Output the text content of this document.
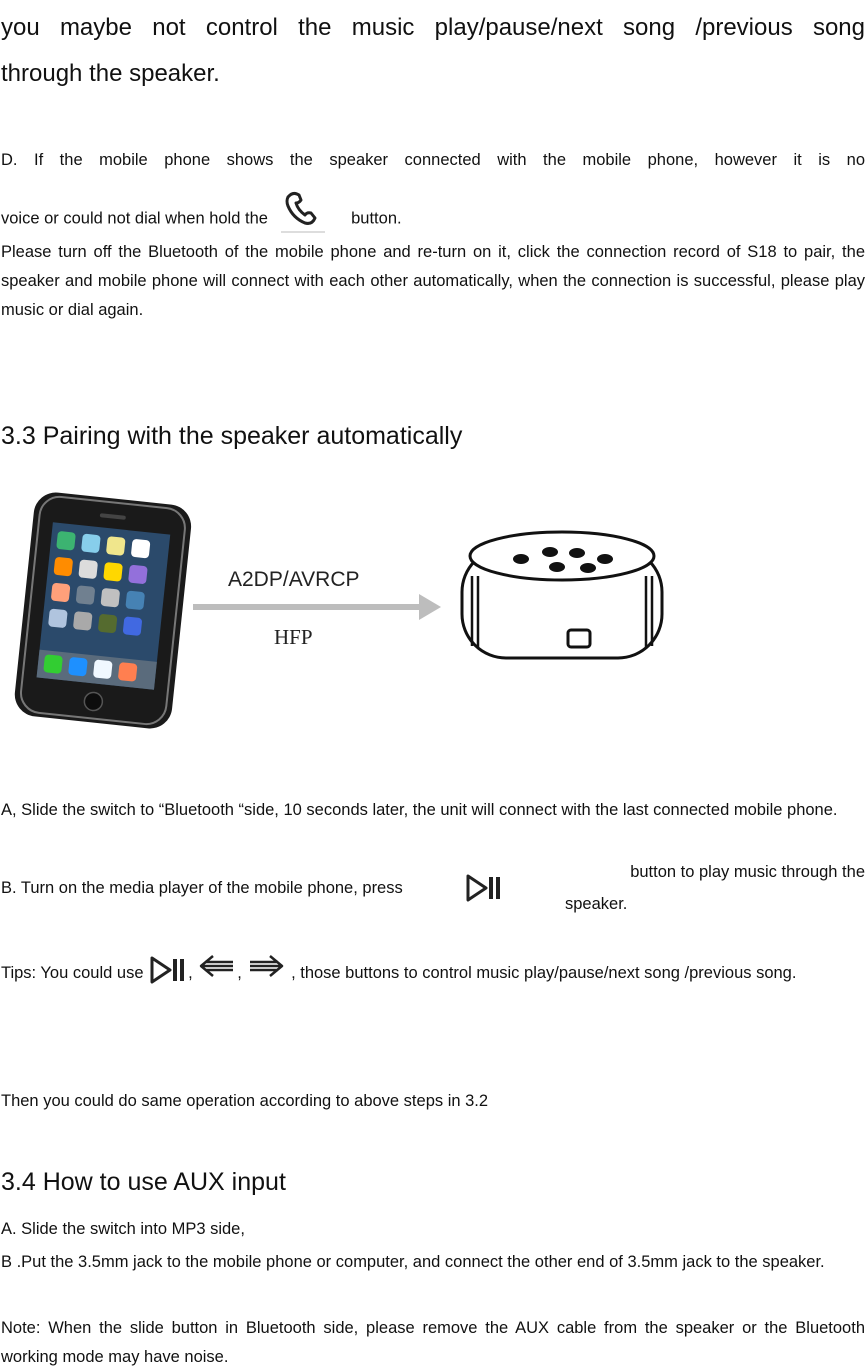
you maybe not control the music play/pause/next song /previous song

through the speaker.

D. If the mobile phone shows the speaker connected with the mobile phone, however it is no

voice or could not dial when hold the	button.

Please turn off the Bluetooth of the mobile phone and re-turn on it, click the connection record of S18 to pair, the speaker and mobile phone will connect with each other automatically, when the connection is successful, please play music or dial again.

3.3 Pairing with the speaker automatically
A2DP/AVRCP
HFP

A, Slide the switch to “Bluetooth “side, 10 seconds later, the unit will connect with the last connected mobile phone.

B. Turn on the media player of the mobile phone, press
button to play music through the speaker.
Tips: You could use	,	,	, those buttons to control music play/pause/next song /previous song.

Then you could do same operation according to above steps in 3.2

3.4 How to use AUX input

A. Slide the switch into MP3 side,

B .Put the 3.5mm jack to the mobile phone or computer, and connect the other end of 3.5mm jack to the speaker.

Note: When the slide button in Bluetooth side, please remove the AUX cable from the speaker or the Bluetooth working mode may have noise.
